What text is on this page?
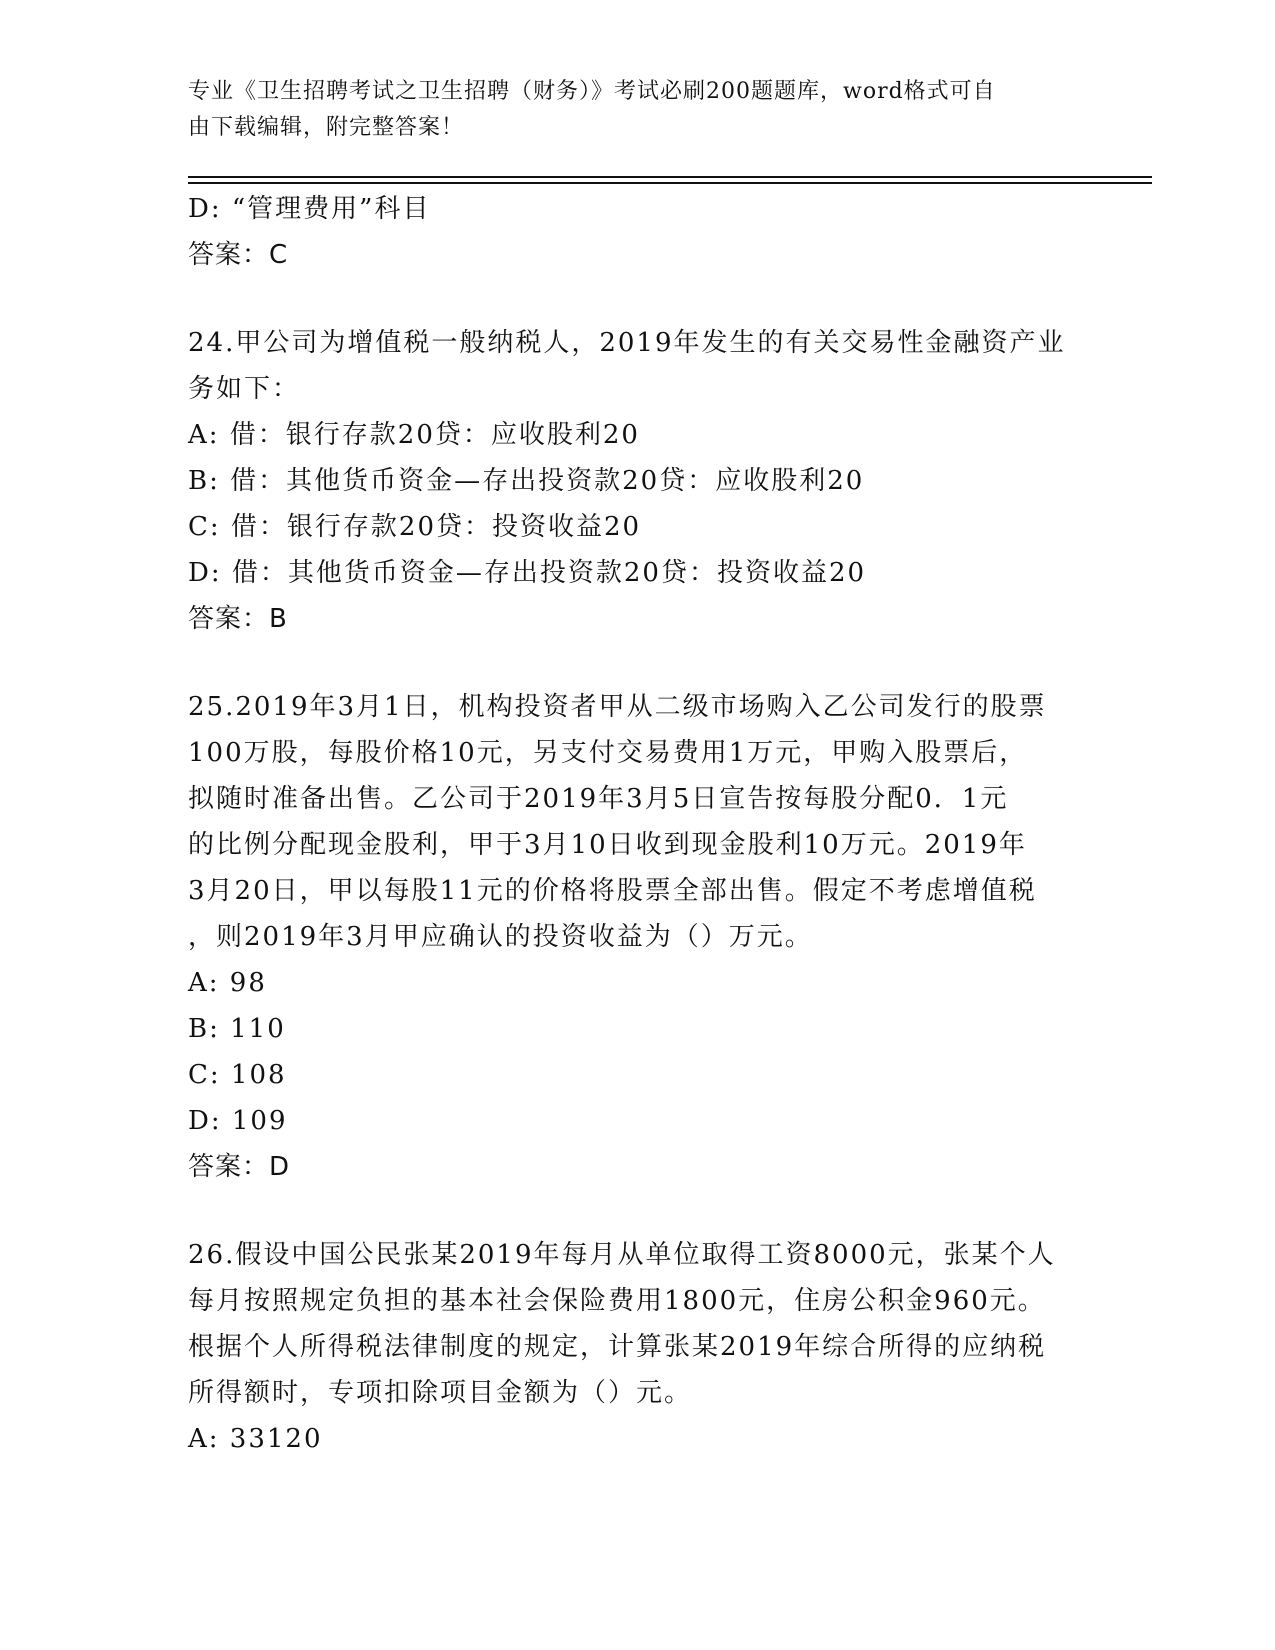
专业《卫生招聘考试之卫生招聘（财务）》考试必刷200题题库，word格式可自
由下载编辑，附完整答案！
D: “管理费用”科目
答案：C
24.甲公司为增值税一般纳税人，2019年发生的有关交易性金融资产业
务如下：
A: 借：银行存款20贷：应收股利20
B: 借：其他货币资金—存出投资款20贷：应收股利20
C: 借：银行存款20贷：投资收益20
D: 借：其他货币资金—存出投资款20贷：投资收益20
答案：B
25.2019年3月1日，机构投资者甲从二级市场购入乙公司发行的股票
100万股，每股价格10元，另支付交易费用1万元，甲购入股票后，
拟随时准备出售。乙公司于2019年3月5日宣告按每股分配0．1元
的比例分配现金股利，甲于3月10日收到现金股利10万元。2019年
3月20日，甲以每股11元的价格将股票全部出售。假定不考虑增值税
，则2019年3月甲应确认的投资收益为（）万元。
A: 98
B: 110
C: 108
D: 109
答案：D
26.假设中国公民张某2019年每月从单位取得工资8000元，张某个人
每月按照规定负担的基本社会保险费用1800元，住房公积金960元。
根据个人所得税法律制度的规定，计算张某2019年综合所得的应纳税
所得额时，专项扣除项目金额为（）元。
A: 33120
